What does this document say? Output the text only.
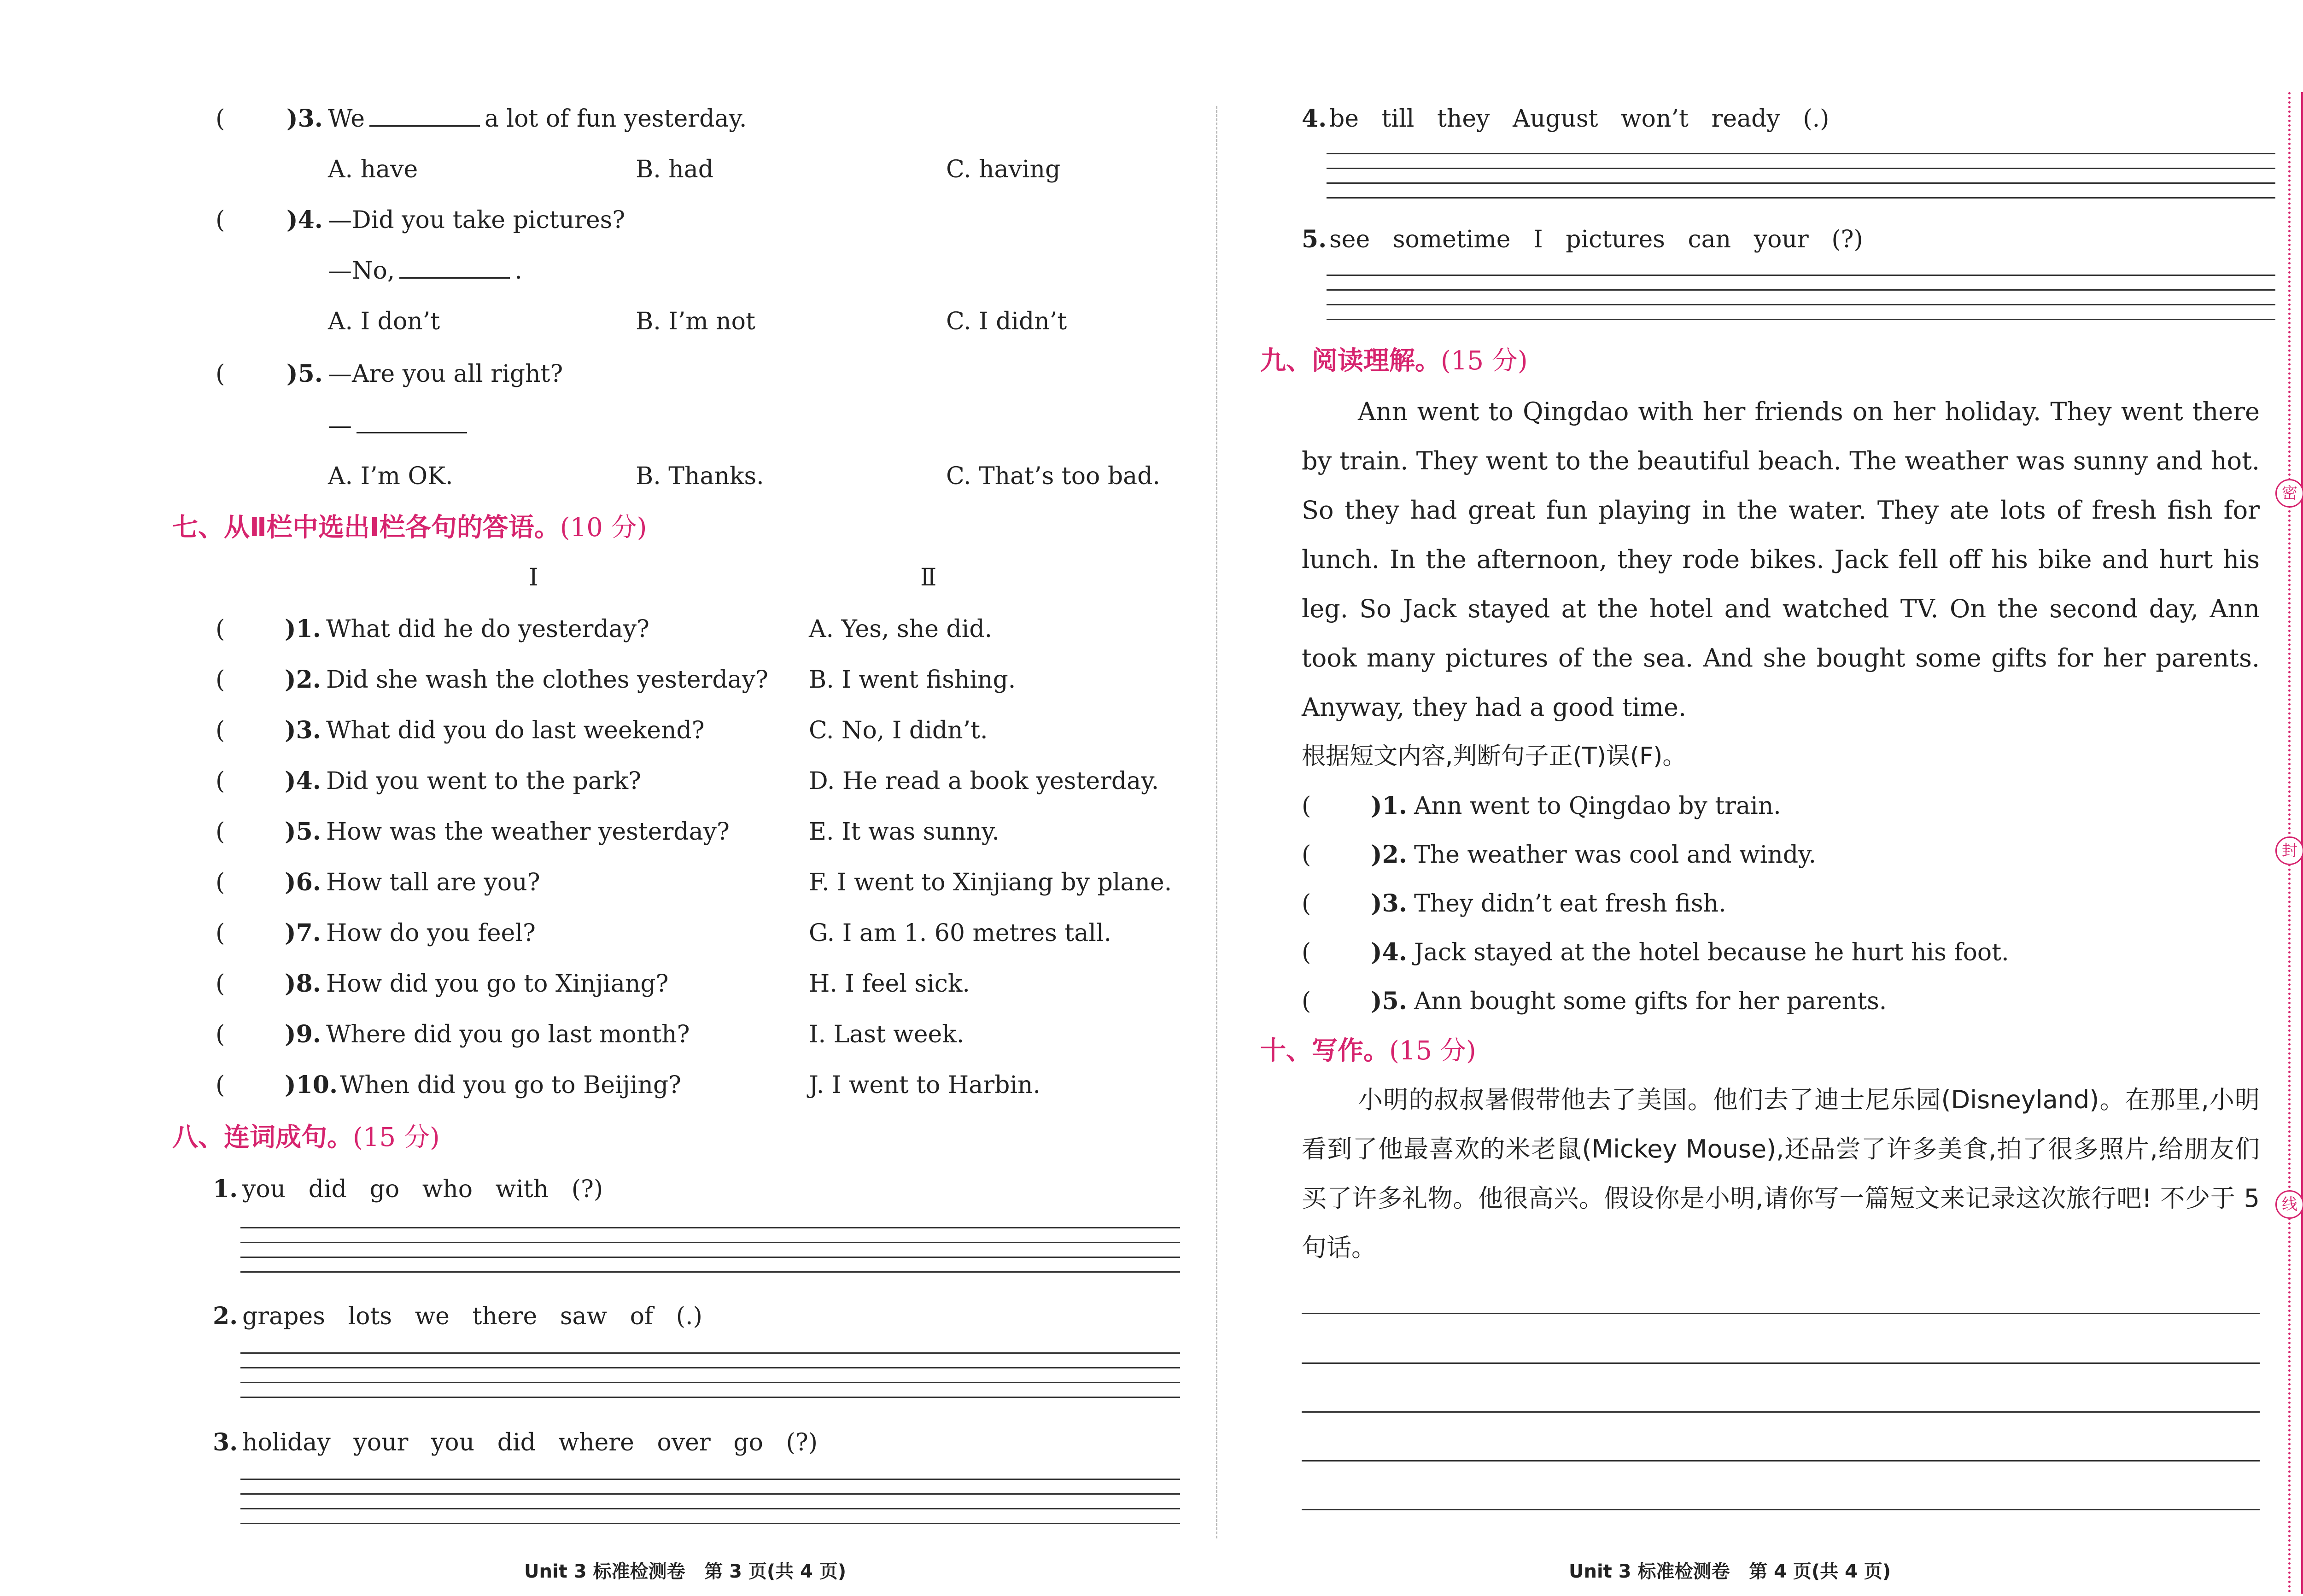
(	)3. We	a lot of fun yesterday.
A. have	B. had	C. having
(	)4. —Did you take pictures?
—No,	.
A. I don’t	B. I’m not	C. I didn’t
(	)5. —Are you all right?
—
A. I’m OK.	B. Thanks.	C. That’s too bad.
七、从Ⅱ栏中选出Ⅰ栏各句的答语。(10 分)
Ⅰ	Ⅱ
( )1. What did he do yesterday?	A. Yes, she did.
( )2. Did she wash the clothes yesterday? B. I went fishing.
( )3. What did you do last weekend?	C. No, I didn’t.
( )4. Did you went to the park?	D. He read a book yesterday.
( )5. How was the weather yesterday?	E. It was sunny.
( )6. How tall are you?	F. I went to Xinjiang by plane.
( )7. How do you feel?	G. I am 1. 60 metres tall.
( )8. How did you go to Xinjiang?	H. I feel sick.
( )9. Where did you go last month?	I. Last week.
( )10. When did you go to Beijing?	J. I went to Harbin.
八、连词成句。(15 分)
1. you   did   go   who   with   (?)
2. grapes   lots   we   there   saw   of   (.)
3. holiday   your   you   did   where   over   go   (?)
Unit 3 标准检测卷   第 3 页(共 4 页)
4. be   till   they   August   won’t   ready   (.)
5. see   sometime   I   pictures   can   your   (?)
九、阅读理解。(15 分)
Ann went to Qingdao with her friends on her holiday. They went there by train. They went to the beautiful beach. The weather was sunny and hot. So they had great fun playing in the water. They ate lots of fresh fish for lunch. In the afternoon, they rode bikes. Jack fell off his bike and hurt his leg. So Jack stayed at the hotel and watched TV. On the second day, Ann took many pictures of the sea. And she bought some gifts for her parents. Anyway, they had a good time.
根据短文内容,判断句子正(T)误(F)。
( )1. Ann went to Qingdao by train.
( )2. The weather was cool and windy.
( )3. They didn’t eat fresh fish.
( )4. Jack stayed at the hotel because he hurt his foot.
( )5. Ann bought some gifts for her parents.
十、写作。(15 分)
小明的叔叔暑假带他去了美国。他们去了迪士尼乐园(Disneyland)。在那里,小明看到了他最喜欢的米老鼠(Mickey Mouse),还品尝了许多美食,拍了很多照片,给朋友们买了许多礼物。他很高兴。假设你是小明,请你写一篇短文来记录这次旅行吧! 不少于 5 句话。
Unit 3 标准检测卷   第 4 页(共 4 页)
密
封
线
